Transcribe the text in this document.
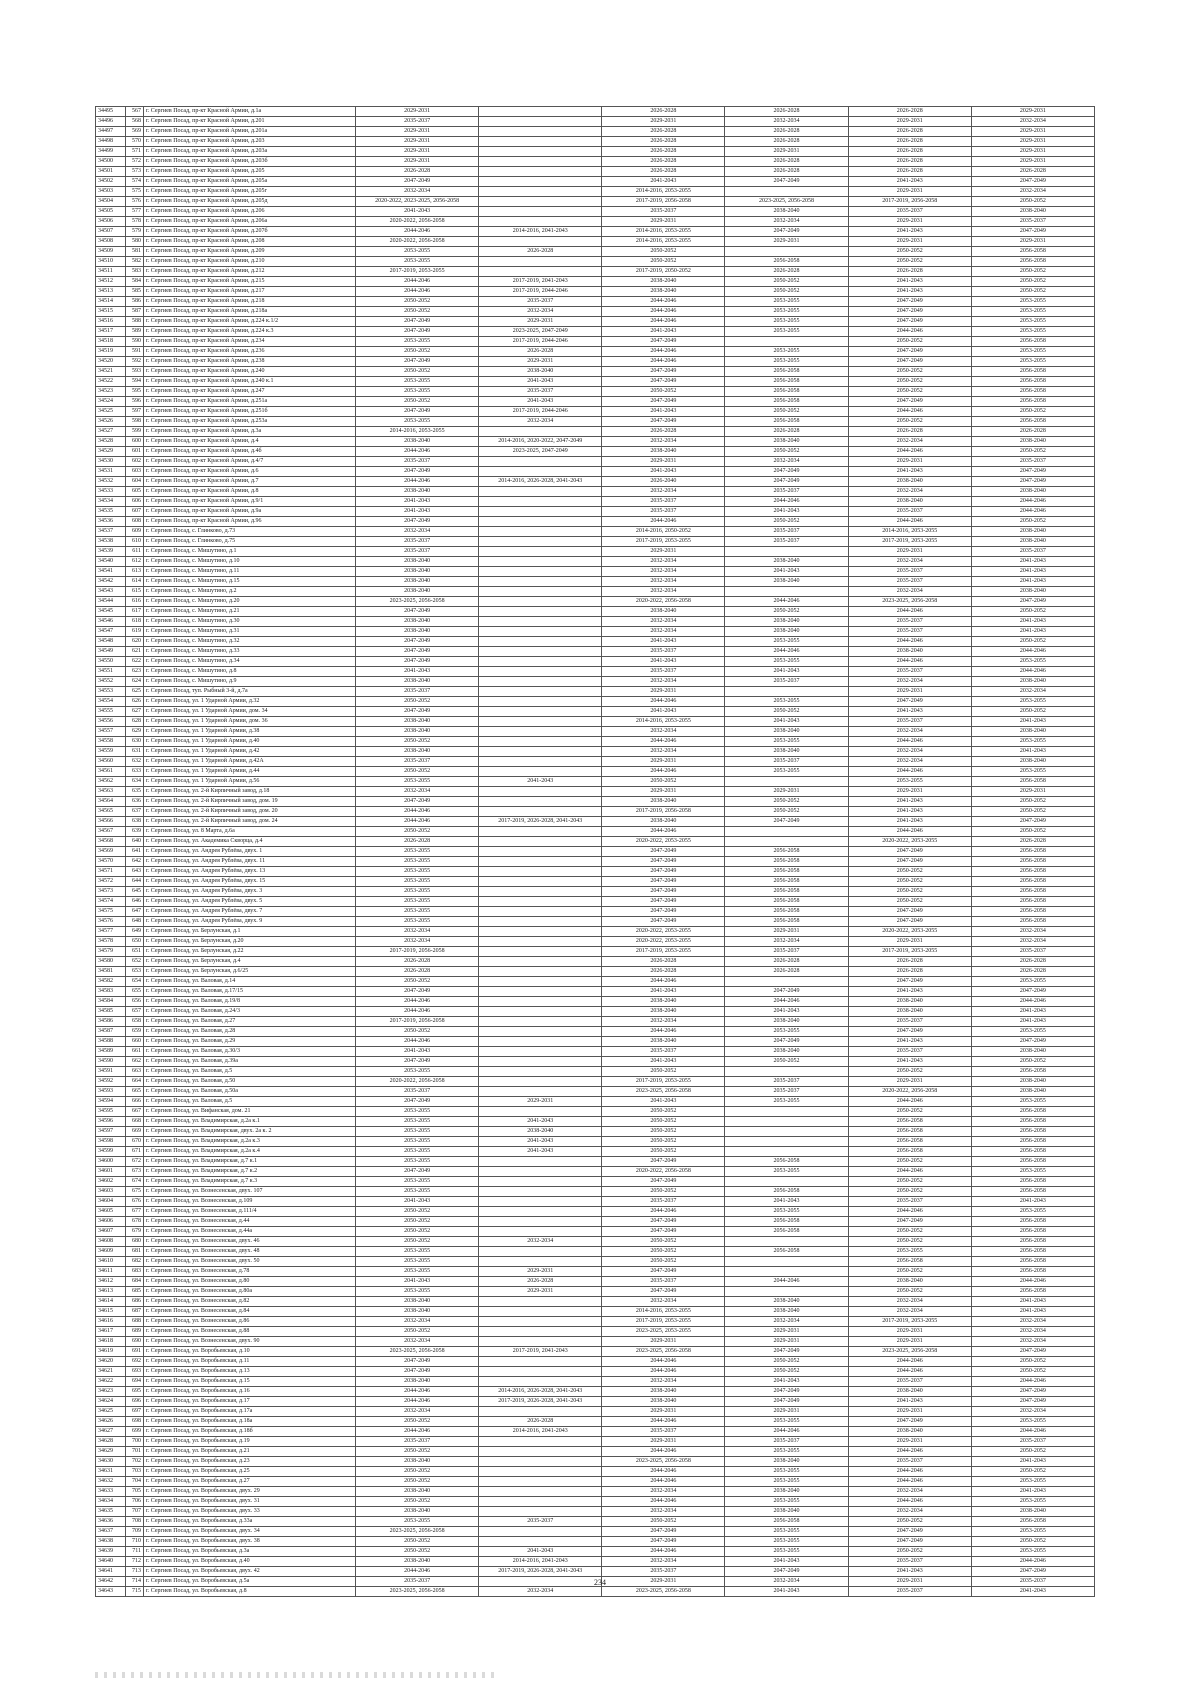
34495	567	г. Сергиев Посад, пр-кт Красной Армии, д.1а	2029-2031		2026-2028	2026-2028	2026-2028	2029-2031
34496	568	г. Сергиев Посад, пр-кт Красной Армии, д.201	2035-2037		2029-2031	2032-2034	2029-2031	2032-2034
34497	569	г. Сергиев Посад, пр-кт Красной Армии, д.201а	2029-2031		2026-2028	2026-2028	2026-2028	2029-2031
34498	570	г. Сергиев Посад, пр-кт Красной Армии, д.203	2029-2031		2026-2028	2026-2028	2026-2028	2029-2031
34499	571	г. Сергиев Посад, пр-кт Красной Армии, д.203а	2029-2031		2026-2028	2029-2031	2026-2028	2029-2031
34500	572	г. Сергиев Посад, пр-кт Красной Армии, д.203б	2029-2031		2026-2028	2026-2028	2026-2028	2029-2031
34501	573	г. Сергиев Посад, пр-кт Красной Армии, д.205	2026-2028		2026-2028	2026-2028	2026-2028	2026-2028
34502	574	г. Сергиев Посад, пр-кт Красной Армии, д.205а	2047-2049		2041-2043	2047-2049	2041-2043	2047-2049
34503	575	г. Сергиев Посад, пр-кт Красной Армии, д.205г	2032-2034		2014-2016, 2053-2055		2029-2031	2032-2034
34504	576	г. Сергиев Посад, пр-кт Красной Армии, д.205д	2020-2022, 2023-2025, 2056-2058		2017-2019, 2056-2058	2023-2025, 2056-2058	2017-2019, 2056-2058	2050-2052
34505	577	г. Сергиев Посад, пр-кт Красной Армии, д.206	2041-2043		2035-2037	2038-2040	2035-2037	2038-2040
34506	578	г. Сергиев Посад, пр-кт Красной Армии, д.206а	2020-2022, 2056-2058		2029-2031	2032-2034	2029-2031	2035-2037
34507	579	г. Сергиев Посад, пр-кт Красной Армии, д.207б	2044-2046	2014-2016, 2041-2043	2014-2016, 2053-2055	2047-2049	2041-2043	2047-2049
34508	580	г. Сергиев Посад, пр-кт Красной Армии, д.208	2020-2022, 2056-2058		2014-2016, 2053-2055	2029-2031	2029-2031	2029-2031
34509	581	г. Сергиев Посад, пр-кт Красной Армии, д.209	2053-2055	2026-2028	2050-2052		2050-2052	2056-2058
34510	582	г. Сергиев Посад, пр-кт Красной Армии, д.210	2053-2055		2050-2052	2056-2058	2050-2052	2056-2058
34511	583	г. Сергиев Посад, пр-кт Красной Армии, д.212	2017-2019, 2053-2055		2017-2019, 2050-2052	2026-2028	2026-2028	2050-2052
34512	584	г. Сергиев Посад, пр-кт Красной Армии, д.215	2044-2046	2017-2019, 2041-2043	2038-2040	2050-2052	2041-2043	2050-2052
34513	585	г. Сергиев Посад, пр-кт Красной Армии, д.217	2044-2046	2017-2019, 2044-2046	2038-2040	2050-2052	2041-2043	2050-2052
34514	586	г. Сергиев Посад, пр-кт Красной Армии, д.218	2050-2052	2035-2037	2044-2046	2053-2055	2047-2049	2053-2055
34515	587	г. Сергиев Посад, пр-кт Красной Армии, д.218а	2050-2052	2032-2034	2044-2046	2053-2055	2047-2049	2053-2055
34516	588	г. Сергиев Посад, пр-кт Красной Армии, д.224 к.1/2	2047-2049	2029-2031	2044-2046	2053-2055	2047-2049	2053-2055
34517	589	г. Сергиев Посад, пр-кт Красной Армии, д.224 к.3	2047-2049	2023-2025, 2047-2049	2041-2043	2053-2055	2044-2046	2053-2055
34518	590	г. Сергиев Посад, пр-кт Красной Армии, д.234	2053-2055	2017-2019, 2044-2046	2047-2049		2050-2052	2056-2058
34519	591	г. Сергиев Посад, пр-кт Красной Армии, д.236	2050-2052	2026-2028	2044-2046	2053-2055	2047-2049	2053-2055
34520	592	г. Сергиев Посад, пр-кт Красной Армии, д.238	2047-2049	2029-2031	2044-2046	2053-2055	2047-2049	2053-2055
34521	593	г. Сергиев Посад, пр-кт Красной Армии, д.240	2050-2052	2038-2040	2047-2049	2056-2058	2050-2052	2056-2058
34522	594	г. Сергиев Посад, пр-кт Красной Армии, д.240 к.1	2053-2055	2041-2043	2047-2049	2056-2058	2050-2052	2056-2058
34523	595	г. Сергиев Посад, пр-кт Красной Армии, д.247	2053-2055	2035-2037	2050-2052	2056-2058	2050-2052	2056-2058
34524	596	г. Сергиев Посад, пр-кт Красной Армии, д.251а	2050-2052	2041-2043	2047-2049	2056-2058	2047-2049	2056-2058
34525	597	г. Сергиев Посад, пр-кт Красной Армии, д.251б	2047-2049	2017-2019, 2044-2046	2041-2043	2050-2052	2044-2046	2050-2052
34526	598	г. Сергиев Посад, пр-кт Красной Армии, д.253а	2053-2055	2032-2034	2047-2049	2056-2058	2050-2052	2056-2058
34527	599	г. Сергиев Посад, пр-кт Красной Армии, д.3а	2014-2016, 2053-2055		2026-2028	2026-2028	2026-2028	2026-2028
34528	600	г. Сергиев Посад, пр-кт Красной Армии, д.4	2038-2040	2014-2016, 2020-2022, 2047-2049	2032-2034	2038-2040	2032-2034	2038-2040
34529	601	г. Сергиев Посад, пр-кт Красной Армии, д.4б	2044-2046	2023-2025, 2047-2049	2038-2040	2050-2052	2044-2046	2050-2052
34530	602	г. Сергиев Посад, пр-кт Красной Армии, д.4/7	2035-2037		2029-2031	2032-2034	2029-2031	2035-2037
34531	603	г. Сергиев Посад, пр-кт Красной Армии, д.6	2047-2049		2041-2043	2047-2049	2041-2043	2047-2049
34532	604	г. Сергиев Посад, пр-кт Красной Армии, д.7	2044-2046	2014-2016, 2026-2028, 2041-2043	2026-2040	2047-2049	2038-2040	2047-2049
34533	605	г. Сергиев Посад, пр-кт Красной Армии, д.8	2038-2040		2032-2034	2035-2037	2032-2034	2038-2040
34534	606	г. Сергиев Посад, пр-кт Красной Армии, д.9/1	2041-2043		2035-2037	2044-2046	2038-2040	2044-2046
34535	607	г. Сергиев Посад, пр-кт Красной Армии, д.9а	2041-2043		2035-2037	2041-2043	2035-2037	2044-2046
34536	608	г. Сергиев Посад, пр-кт Красной Армии, д.96	2047-2049		2044-2046	2050-2052	2044-2046	2050-2052
34537	609	г. Сергиев Посад, с. Глинково, д.73	2032-2034		2014-2016, 2050-2052	2035-2037	2014-2016, 2053-2055	2038-2040
34538	610	г. Сергиев Посад, с. Глинково, д.75	2035-2037		2017-2019, 2053-2055	2035-2037	2017-2019, 2053-2055	2038-2040
34539	611	г. Сергиев Посад, с. Мишутино, д.1	2035-2037		2029-2031		2029-2031	2035-2037
34540	612	г. Сергиев Посад, с. Мишутино, д.10	2038-2040		2032-2034	2038-2040	2032-2034	2041-2043
34541	613	г. Сергиев Посад, с. Мишутино, д.11	2038-2040		2032-2034	2041-2043	2035-2037	2041-2043
34542	614	г. Сергиев Посад, с. Мишутино, д.15	2038-2040		2032-2034	2038-2040	2035-2037	2041-2043
34543	615	г. Сергиев Посад, с. Мишутино, д.2	2038-2040		2032-2034		2032-2034	2038-2040
34544	616	г. Сергиев Посад, с. Мишутино, д.20	2023-2025, 2056-2058		2020-2022, 2056-2058	2044-2046	2023-2025, 2056-2058	2047-2049
34545	617	г. Сергиев Посад, с. Мишутино, д.21	2047-2049		2038-2040	2050-2052	2044-2046	2050-2052
34546	618	г. Сергиев Посад, с. Мишутино, д.30	2038-2040		2032-2034	2038-2040	2035-2037	2041-2043
34547	619	г. Сергиев Посад, с. Мишутино, д.31	2038-2040		2032-2034	2038-2040	2035-2037	2041-2043
34548	620	г. Сергиев Посад, с. Мишутино, д.32	2047-2049		2041-2043	2053-2055	2044-2046	2050-2052
34549	621	г. Сергиев Посад, с. Мишутино, д.33	2047-2049		2035-2037	2044-2046	2038-2040	2044-2046
34550	622	г. Сергиев Посад, с. Мишутино, д.34	2047-2049		2041-2043	2053-2055	2044-2046	2053-2055
34551	623	г. Сергиев Посад, с. Мишутино, д.8	2041-2043		2035-2037	2041-2043	2035-2037	2044-2046
34552	624	г. Сергиев Посад, с. Мишутино, д.9	2038-2040		2032-2034	2035-2037	2032-2034	2038-2040
34553	625	г. Сергиев Посад, туп. Рыбный 3-й, д.7а	2035-2037		2029-2031		2029-2031	2032-2034
34554	626	г. Сергиев Посад, ул. 1 Ударной Армии, д.32	2050-2052		2044-2046	2053-2055	2047-2049	2053-2055
34555	627	г. Сергиев Посад, ул. 1 Ударной Армии, дом. 34	2047-2049		2041-2043	2050-2052	2041-2043	2050-2052
34556	628	г. Сергиев Посад, ул. 1 Ударной Армии, дом. 36	2038-2040		2014-2016, 2053-2055	2041-2043	2035-2037	2041-2043
34557	629	г. Сергиев Посад, ул. 1 Ударной Армии, д.38	2038-2040		2032-2034	2038-2040	2032-2034	2038-2040
34558	630	г. Сергиев Посад, ул. 1 Ударной Армии, д.40	2050-2052		2044-2046	2053-2055	2044-2046	2053-2055
34559	631	г. Сергиев Посад, ул. 1 Ударной Армии, д.42	2038-2040		2032-2034	2038-2040	2032-2034	2041-2043
34560	632	г. Сергиев Посад, ул. 1 Ударной Армии, д.42А	2035-2037		2029-2031	2035-2037	2032-2034	2038-2040
34561	633	г. Сергиев Посад, ул. 1 Ударной Армии, д.44	2050-2052		2044-2046	2053-2055	2044-2046	2053-2055
34562	634	г. Сергиев Посад, ул. 1 Ударной Армии, д.56	2053-2055	2041-2043	2050-2052		2053-2055	2056-2058
34563	635	г. Сергиев Посад, ул. 2-й Кирпичный завод, д.18	2032-2034		2029-2031	2029-2031	2029-2031	2029-2031
34564	636	г. Сергиев Посад, ул. 2-й Кирпичный завод, дом. 19	2047-2049		2038-2040	2050-2052	2041-2043	2050-2052
34565	637	г. Сергиев Посад, ул. 2-й Кирпичный завод, дом. 20	2044-2046		2017-2019, 2056-2058	2050-2052	2041-2043	2050-2052
34566	638	г. Сергиев Посад, ул. 2-й Кирпичный завод, дом. 24	2044-2046	2017-2019, 2026-2028, 2041-2043	2038-2040	2047-2049	2041-2043	2047-2049
34567	639	г. Сергиев Посад, ул. 8 Марта, д.6а	2050-2052		2044-2046		2044-2046	2050-2052
34568	640	г. Сергиев Посад, ул. Академика Скворца, д.4	2026-2028		2020-2022, 2053-2055		2020-2022, 2053-2055	2026-2028
34569	641	г. Сергиев Посад, ул. Андрея Рублёва, двух. 1	2053-2055		2047-2049	2056-2058	2047-2049	2056-2058
34570	642	г. Сергиев Посад, ул. Андрея Рублёва, двух. 11	2053-2055		2047-2049	2056-2058	2047-2049	2056-2058
34571	643	г. Сергиев Посад, ул. Андрея Рублёва, двух. 13	2053-2055		2047-2049	2056-2058	2050-2052	2056-2058
34572	644	г. Сергиев Посад, ул. Андрея Рублёва, двух. 15	2053-2055		2047-2049	2056-2058	2050-2052	2056-2058
34573	645	г. Сергиев Посад, ул. Андрея Рублёва, двух. 3	2053-2055		2047-2049	2056-2058	2050-2052	2056-2058
34574	646	г. Сергиев Посад, ул. Андрея Рублёва, двух. 5	2053-2055		2047-2049	2056-2058	2050-2052	2056-2058
34575	647	г. Сергиев Посад, ул. Андрея Рублёва, двух. 7	2053-2055		2047-2049	2056-2058	2047-2049	2056-2058
34576	648	г. Сергиев Посад, ул. Андрея Рублёва, двух. 9	2053-2055		2047-2049	2056-2058	2047-2049	2056-2058
34577	649	г. Сергиев Посад, ул. Берлунская, д.1	2032-2034		2020-2022, 2053-2055	2029-2031	2020-2022, 2053-2055	2032-2034
34578	650	г. Сергиев Посад, ул. Берлунская, д.20	2032-2034		2020-2022, 2053-2055	2032-2034	2029-2031	2032-2034
34579	651	г. Сергиев Посад, ул. Берлунская, д.22	2017-2019, 2056-2058		2017-2019, 2053-2055	2035-2037	2017-2019, 2053-2055	2035-2037
34580	652	г. Сергиев Посад, ул. Берлунская, д.4	2026-2028		2026-2028	2026-2028	2026-2028	2026-2028
34581	653	г. Сергиев Посад, ул. Берлунская, д.6/25	2026-2028		2026-2028	2026-2028	2026-2028	2026-2028
34582	654	г. Сергиев Посад, ул. Валовая, д.14	2050-2052		2044-2046		2047-2049	2053-2055
34583	655	г. Сергиев Посад, ул. Валовая, д.17/15	2047-2049		2041-2043	2047-2049	2041-2043	2047-2049
34584	656	г. Сергиев Посад, ул. Валовая, д.19/8	2044-2046		2038-2040	2044-2046	2038-2040	2044-2046
34585	657	г. Сергиев Посад, ул. Валовая, д.24/3	2044-2046		2038-2040	2041-2043	2038-2040	2041-2043
34586	658	г. Сергиев Посад, ул. Валовая, д.27	2017-2019, 2056-2058		2032-2034	2038-2040	2035-2037	2041-2043
34587	659	г. Сергиев Посад, ул. Валовая, д.28	2050-2052		2044-2046	2053-2055	2047-2049	2053-2055
34588	660	г. Сергиев Посад, ул. Валовая, д.29	2044-2046		2038-2040	2047-2049	2041-2043	2047-2049
34589	661	г. Сергиев Посад, ул. Валовая, д.30/3	2041-2043		2035-2037	2038-2040	2035-2037	2038-2040
34590	662	г. Сергиев Посад, ул. Валовая, д.39а	2047-2049		2041-2043	2050-2052	2041-2043	2050-2052
34591	663	г. Сергиев Посад, ул. Валовая, д.5	2053-2055		2050-2052		2050-2052	2056-2058
34592	664	г. Сергиев Посад, ул. Валовая, д.50	2020-2022, 2056-2058		2017-2019, 2053-2055	2035-2037	2029-2031	2038-2040
34593	665	г. Сергиев Посад, ул. Валовая, д.50а	2035-2037		2023-2025, 2056-2058	2035-2037	2020-2022, 2056-2058	2038-2040
34594	666	г. Сергиев Посад, ул. Валовая, д.5	2047-2049	2029-2031	2041-2043	2053-2055	2044-2046	2053-2055
34595	667	г. Сергиев Посад, ул. Вифанская, дом. 21	2053-2055		2050-2052		2050-2052	2056-2058
34596	668	г. Сергиев Посад, ул. Владимирская, д.2а к.1	2053-2055	2041-2043	2050-2052		2056-2058	2056-2058
34597	669	г. Сергиев Посад, ул. Владимирская, двух. 2а к. 2	2053-2055	2038-2040	2050-2052		2056-2058	2056-2058
34598	670	г. Сергиев Посад, ул. Владимирская, д.2а к.3	2053-2055	2041-2043	2050-2052		2056-2058	2056-2058
34599	671	г. Сергиев Посад, ул. Владимирская, д.2а к.4	2053-2055	2041-2043	2050-2052		2056-2058	2056-2058
34600	672	г. Сергиев Посад, ул. Владимирская, д.7 к.1	2053-2055		2047-2049	2056-2058	2050-2052	2056-2058
34601	673	г. Сергиев Посад, ул. Владимирская, д.7 к.2	2047-2049		2020-2022, 2056-2058	2053-2055	2044-2046	2053-2055
34602	674	г. Сергиев Посад, ул. Владимирская, д.7 к.3	2053-2055		2047-2049		2050-2052	2056-2058
34603	675	г. Сергиев Посад, ул. Вознесенская, двух. 107	2053-2055		2050-2052	2056-2058	2050-2052	2056-2058
34604	676	г. Сергиев Посад, ул. Вознесенская, д.109	2041-2043		2035-2037	2041-2043	2035-2037	2041-2043
34605	677	г. Сергиев Посад, ул. Вознесенская, д.111/4	2050-2052		2044-2046	2053-2055	2044-2046	2053-2055
34606	678	г. Сергиев Посад, ул. Вознесенская, д.44	2050-2052		2047-2049	2056-2058	2047-2049	2056-2058
34607	679	г. Сергиев Посад, ул. Вознесенская, д.44а	2050-2052		2047-2049	2056-2058	2050-2052	2056-2058
34608	680	г. Сергиев Посад, ул. Вознесенская, двух. 46	2050-2052	2032-2034	2050-2052		2050-2052	2056-2058
34609	681	г. Сергиев Посад, ул. Вознесенская, двух. 48	2053-2055		2050-2052	2056-2058	2053-2055	2056-2058
34610	682	г. Сергиев Посад, ул. Вознесенская, двух. 50	2053-2055		2050-2052		2056-2058	2056-2058
34611	683	г. Сергиев Посад, ул. Вознесенская, д.78	2053-2055	2029-2031	2047-2049		2050-2052	2056-2058
34612	684	г. Сергиев Посад, ул. Вознесенская, д.80	2041-2043	2026-2028	2035-2037	2044-2046	2038-2040	2044-2046
34613	685	г. Сергиев Посад, ул. Вознесенская, д.80а	2053-2055	2029-2031	2047-2049		2050-2052	2056-2058
34614	686	г. Сергиев Посад, ул. Вознесенская, д.82	2038-2040		2032-2034	2038-2040	2032-2034	2041-2043
34615	687	г. Сергиев Посад, ул. Вознесенская, д.84	2038-2040		2014-2016, 2053-2055	2038-2040	2032-2034	2041-2043
34616	688	г. Сергиев Посад, ул. Вознесенская, д.86	2032-2034		2017-2019, 2053-2055	2032-2034	2017-2019, 2053-2055	2032-2034
34617	689	г. Сергиев Посад, ул. Вознесенская, д.88	2050-2052		2023-2025, 2053-2055	2029-2031	2029-2031	2032-2034
34618	690	г. Сергиев Посад, ул. Вознесенская, двух. 90	2032-2034		2029-2031	2029-2031	2029-2031	2032-2034
34619	691	г. Сергиев Посад, ул. Воробьевская, д.10	2023-2025, 2056-2058	2017-2019, 2041-2043	2023-2025, 2056-2058	2047-2049	2023-2025, 2056-2058	2047-2049
34620	692	г. Сергиев Посад, ул. Воробьевская, д.11	2047-2049		2044-2046	2050-2052	2044-2046	2050-2052
34621	693	г. Сергиев Посад, ул. Воробьевская, д.13	2047-2049		2044-2046	2050-2052	2044-2046	2050-2052
34622	694	г. Сергиев Посад, ул. Воробьевская, д.15	2038-2040		2032-2034	2041-2043	2035-2037	2044-2046
34623	695	г. Сергиев Посад, ул. Воробьевская, д.16	2044-2046	2014-2016, 2026-2028, 2041-2043	2038-2040	2047-2049	2038-2040	2047-2049
34624	696	г. Сергиев Посад, ул. Воробьевская, д.17	2044-2046	2017-2019, 2026-2028, 2041-2043	2038-2040	2047-2049	2041-2043	2047-2049
34625	697	г. Сергиев Посад, ул. Воробьевская, д.17а	2032-2034		2029-2031	2029-2031	2029-2031	2032-2034
34626	698	г. Сергиев Посад, ул. Воробьевская, д.18а	2050-2052	2026-2028	2044-2046	2053-2055	2047-2049	2053-2055
34627	699	г. Сергиев Посад, ул. Воробьевская, д.18б	2044-2046	2014-2016, 2041-2043	2035-2037	2044-2046	2038-2040	2044-2046
34628	700	г. Сергиев Посад, ул. Воробьевская, д.19	2035-2037		2029-2031	2035-2037	2029-2031	2035-2037
34629	701	г. Сергиев Посад, ул. Воробьевская, д.21	2050-2052		2044-2046	2053-2055	2044-2046	2050-2052
34630	702	г. Сергиев Посад, ул. Воробьевская, д.23	2038-2040		2023-2025, 2056-2058	2038-2040	2035-2037	2041-2043
34631	703	г. Сергиев Посад, ул. Воробьевская, д.25	2050-2052		2044-2046	2053-2055	2044-2046	2050-2052
34632	704	г. Сергиев Посад, ул. Воробьевская, д.27	2050-2052		2044-2046	2053-2055	2044-2046	2053-2055
34633	705	г. Сергиев Посад, ул. Воробьевская, двух. 29	2038-2040		2032-2034	2038-2040	2032-2034	2041-2043
34634	706	г. Сергиев Посад, ул. Воробьевская, двух. 31	2050-2052		2044-2046	2053-2055	2044-2046	2053-2055
34635	707	г. Сергиев Посад, ул. Воробьевская, двух. 33	2038-2040		2032-2034	2038-2040	2032-2034	2038-2040
34636	708	г. Сергиев Посад, ул. Воробьевская, д.33а	2053-2055	2035-2037	2050-2052	2056-2058	2050-2052	2056-2058
34637	709	г. Сергиев Посад, ул. Воробьевская, двух. 34	2023-2025, 2056-2058		2047-2049	2053-2055	2047-2049	2053-2055
34638	710	г. Сергиев Посад, ул. Воробьевская, двух. 38	2050-2052		2047-2049	2053-2055	2047-2049	2050-2052
34639	711	г. Сергиев Посад, ул. Воробьевская, д.3а	2050-2052	2041-2043	2044-2046	2053-2055	2050-2052	2053-2055
34640	712	г. Сергиев Посад, ул. Воробьевская, д.40	2038-2040	2014-2016, 2041-2043	2032-2034	2041-2043	2035-2037	2044-2046
34641	713	г. Сергиев Посад, ул. Воробьевская, двух. 42	2044-2046	2017-2019, 2026-2028, 2041-2043	2035-2037	2047-2049	2041-2043	2047-2049
34642	714	г. Сергиев Посад, ул. Воробьевская, д.5а	2035-2037		2029-2031	2032-2034	2029-2031	2035-2037
34643	715	г. Сергиев Посад, ул. Воробьевская, д.8	2023-2025, 2056-2058	2032-2034	2023-2025, 2056-2058	2041-2043	2035-2037	2041-2043
234
